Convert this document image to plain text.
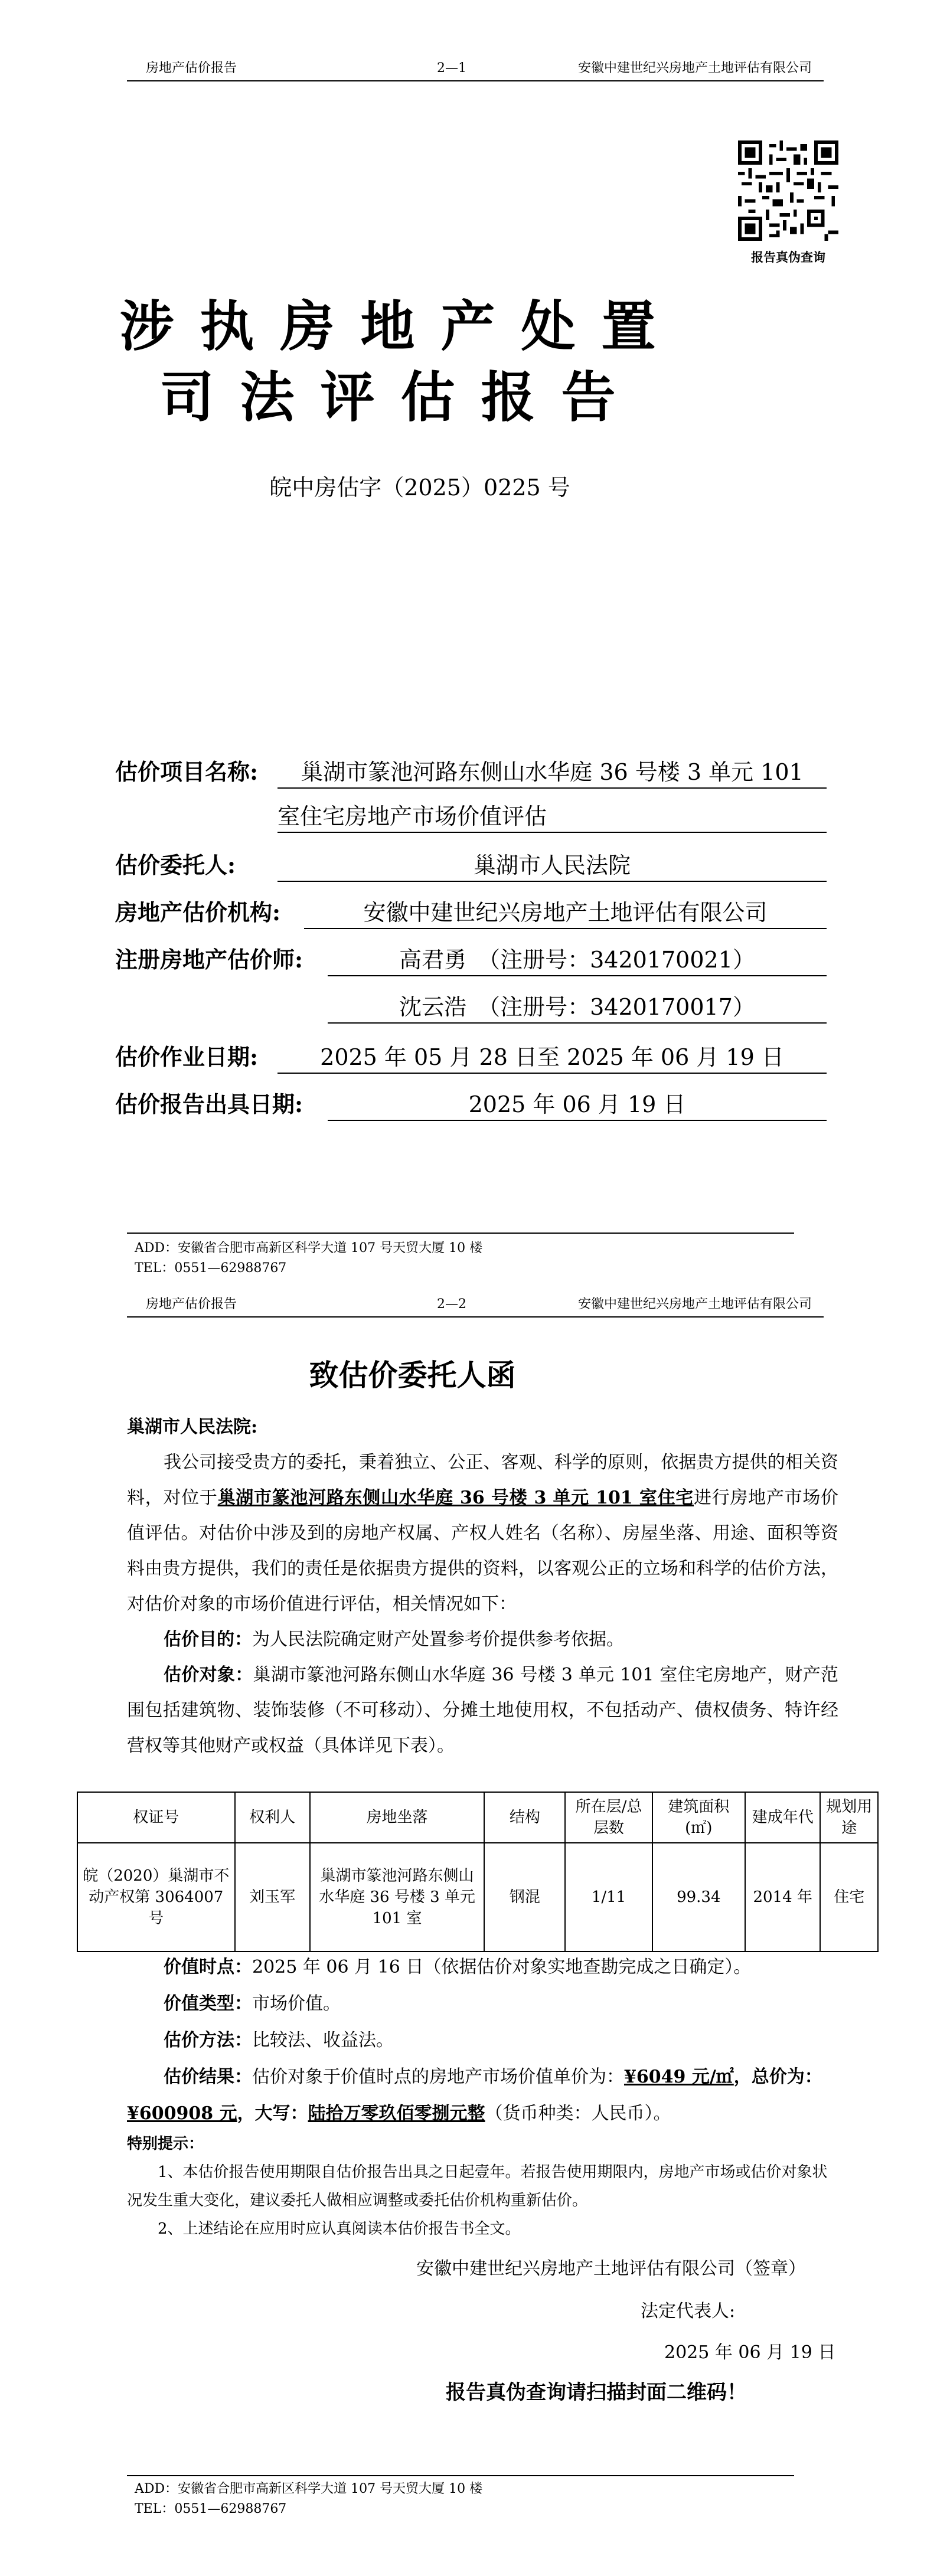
房地产估价报告	2—1	安徽中建世纪兴房地产土地评估有限公司
报告真伪查询
涉执房地产处置
司法评估报告
皖中房估字（2025）0225 号
估价项目名称:	巢湖市篆池河路东侧山水华庭 36 号楼 3 单元 101
室住宅房地产市场价值评估
估价委托人:	巢湖市人民法院
房地产估价机构:	安徽中建世纪兴房地产土地评估有限公司
注册房地产估价师:	高君勇　（注册号：3420170021）
沈云浩　（注册号：3420170017）
估价作业日期:	2025 年 05 月 28 日至 2025 年 06 月 19 日
估价报告出具日期:	2025 年 06 月 19 日
ADD：安徽省合肥市高新区科学大道 107 号天贸大厦 10 楼
TEL：0551—62988767
房地产估价报告	2—2	安徽中建世纪兴房地产土地评估有限公司
致估价委托人函

巢湖市人民法院:

我公司接受贵方的委托，秉着独立、公正、客观、科学的原则，依据贵方提供的相关资料，对位于巢湖市篆池河路东侧山水华庭 36 号楼 3 单元 101 室住宅进行房地产市场价值评估。对估价中涉及到的房地产权属、产权人姓名（名称）、房屋坐落、用途、面积等资料由贵方提供，我们的责任是依据贵方提供的资料，以客观公正的立场和科学的估价方法，对估价对象的市场价值进行评估，相关情况如下：

估价目的：为人民法院确定财产处置参考价提供参考依据。

估价对象：巢湖市篆池河路东侧山水华庭 36 号楼 3 单元 101 室住宅房地产，财产范围包括建筑物、装饰装修（不可移动）、分摊土地使用权，不包括动产、债权债务、特许经营权等其他财产或权益（具体详见下表）。

权证号	权利人	房地坐落	结构	所在层/总层数	建筑面积(㎡)	建成年代	规划用途
皖（2020）巢湖市不动产权第 3064007 号	刘玉军	巢湖市篆池河路东侧山水华庭 36 号楼 3 单元 101 室	钢混	1/11	99.34	2014 年	住宅

价值时点：2025 年 06 月 16 日（依据估价对象实地查勘完成之日确定）。

价值类型：市场价值。

估价方法：比较法、收益法。

估价结果：估价对象于价值时点的房地产市场价值单价为：¥6049 元/㎡，总价为：¥600908 元，大写：陆拾万零玖佰零捌元整（货币种类：人民币）。

特别提示：

1、本估价报告使用期限自估价报告出具之日起壹年。若报告使用期限内，房地产市场或估价对象状况发生重大变化，建议委托人做相应调整或委托估价机构重新估价。

2、上述结论在应用时应认真阅读本估价报告书全文。

安徽中建世纪兴房地产土地评估有限公司（签章）
法定代表人:
2025 年 06 月 19 日
报告真伪查询请扫描封面二维码！
ADD：安徽省合肥市高新区科学大道 107 号天贸大厦 10 楼
TEL：0551—62988767
